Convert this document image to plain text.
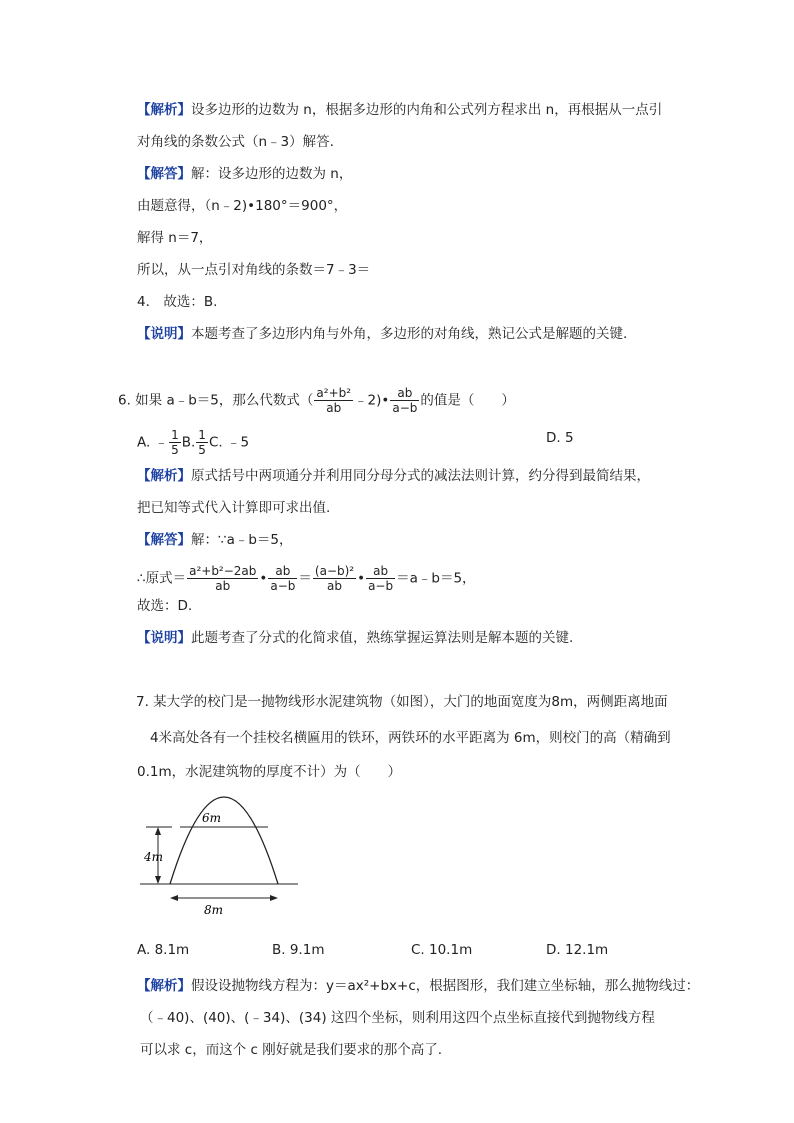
【解析】设多边形的边数为 n，根据多边形的内角和公式列方程求出 n，再根据从一点引
对角线的条数公式（n﹣3）解答.
【解答】解：设多边形的边数为 n，
由题意得，（n﹣2)•180°＝900°，
解得 n＝7，
所以，从一点引对角线的条数＝7﹣3＝
4． 故选：B.
【说明】本题考查了多边形内角与外角，多边形的对角线，熟记公式是解题的关键.
6. 如果 a﹣b＝5，那么代数式（ $\frac{\text{a²+b²}}{ab}$ ﹣2)• $\frac{ab}{a-b}$ 的值是（　　）
A. ﹣ $\frac{1}{5} B$. $\frac{1}{5} C$. ﹣5	D. 5
【解析】原式括号中两项通分并利用同分母分式的减法法则计算，约分得到最简结果，
把已知等式代入计算即可求出值.
【解答】解：∵a﹣b＝5，
∴原式＝ $\frac{\text{a²+b²−2ab}}{ab}$ • $\frac{ab}{a-b} = \frac{\text{(a−b)²}}{ab}$ • $\frac{ab}{a-b}$ ＝a﹣b＝5，
故选：D.
【说明】此题考查了分式的化简求值，熟练掌握运算法则是解本题的关键.
7. 某大学的校门是一抛物线形水泥建筑物（如图），大门的地面宽度为8m，两侧距离地面
4米高处各有一个挂校名横匾用的铁环，两铁环的水平距离为 6m，则校门的高（精确到
0.1m，水泥建筑物的厚度不计）为（　　）
6m
4m
8m
A. 8.1m	B. 9.1m	C. 10.1m	D. 12.1m
【解析】假设设抛物线方程为：y＝ax²+bx+c，根据图形，我们建立坐标轴，那么抛物线过：
（﹣40)、(40)、(﹣34)、(34) 这四个坐标，则利用这四个点坐标直接代到抛物线方程
可以求 c，而这个 c 刚好就是我们要求的那个高了.
